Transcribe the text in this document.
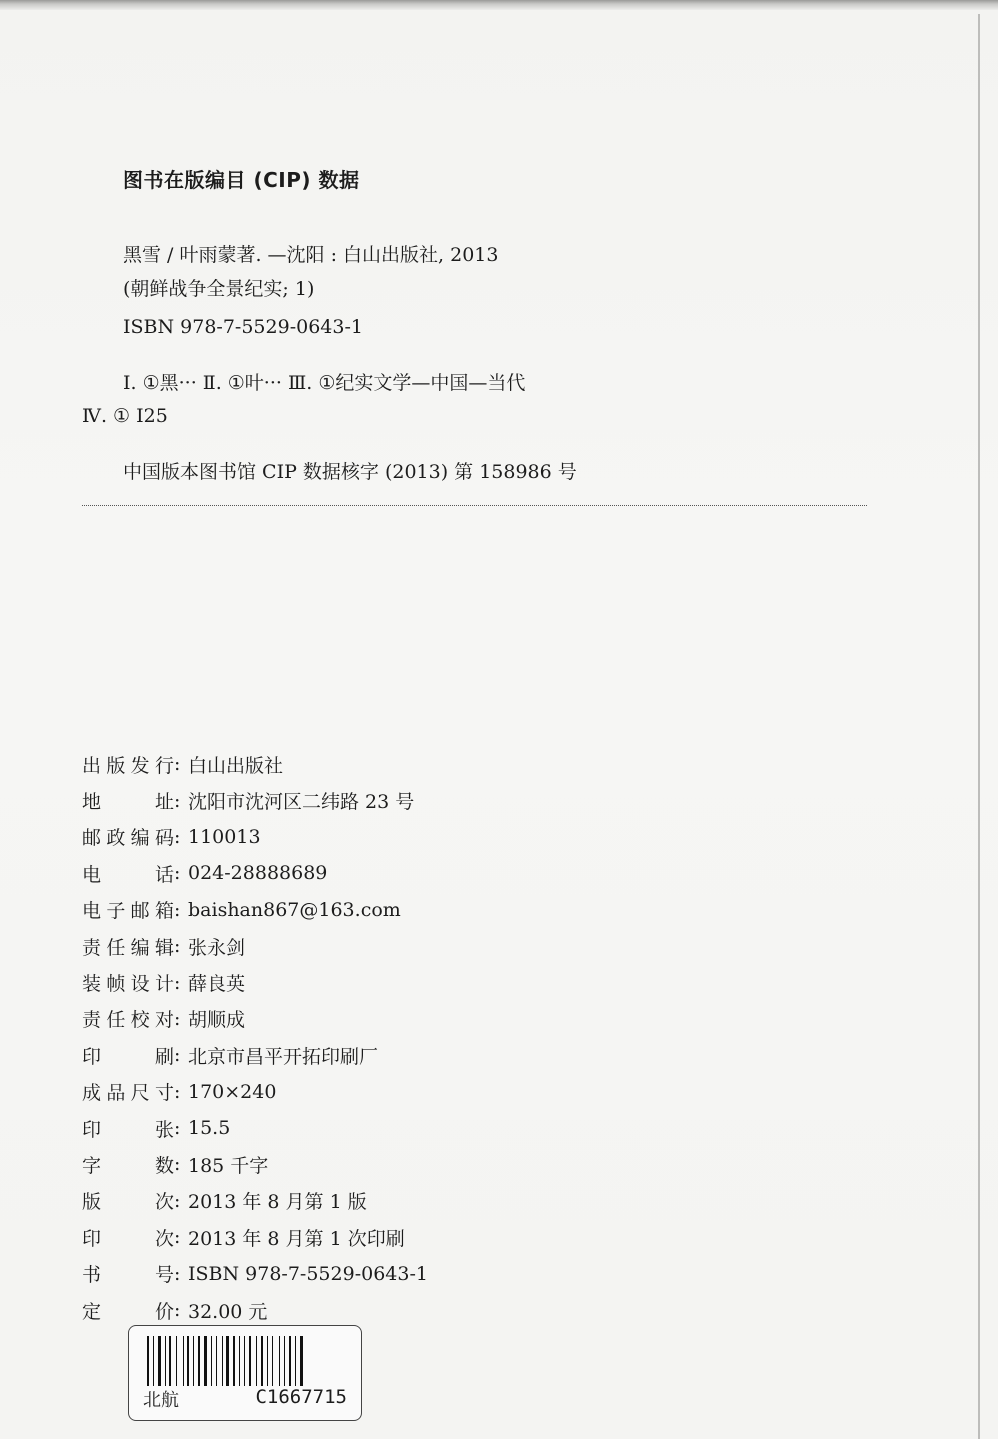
图书在版编目 (CIP) 数据
黑雪 / 叶雨蒙著. —沈阳 : 白山出版社, 2013
(朝鲜战争全景纪实; 1)
ISBN 978-7-5529-0643-1
Ⅰ. ①黑··· Ⅱ. ①叶··· Ⅲ. ①纪实文学—中国—当代
Ⅳ. ① I25
中国版本图书馆 CIP 数据核字 (2013) 第 158986 号
出版发行 : 白山出版社
地址 : 沈阳市沈河区二纬路 23 号
邮政编码 : 110013
电话 : 024-28888689
电子邮箱 : baishan867@163.com
责任编辑 : 张永剑
装帧设计 : 薛良英
责任校对 : 胡顺成
印刷 : 北京市昌平开拓印刷厂
成品尺寸 : 170×240
印张 : 15.5
字数 : 185 千字
版次 : 2013 年 8 月第 1 版
印次 : 2013 年 8 月第 1 次印刷
书号 : ISBN 978-7-5529-0643-1
定价 : 32.00 元
北航	C1667715
